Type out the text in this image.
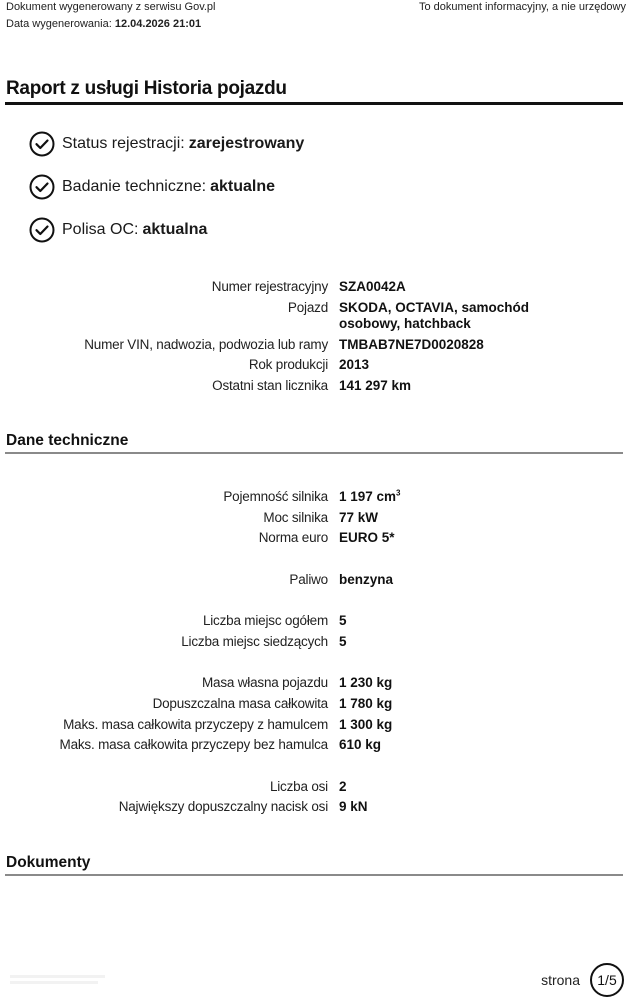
Dokument wygenerowany z serwisu Gov.pl	To dokument informacyjny, a nie urzędowy
Data wygenerowania: 12.04.2026 21:01
Raport z usługi Historia pojazdu
Status rejestracji: zarejestrowany
Badanie techniczne: aktualne
Polisa OC: aktualna
Numer rejestracyjny SZA0042A
Pojazd SKODA, OCTAVIA, samochód osobowy, hatchback
Numer VIN, nadwozia, podwozia lub ramy TMBAB7NE7D0020828
Rok produkcji 2013
Ostatni stan licznika 141 297 km
Dane techniczne
Pojemność silnika 1 197 $cm^3$
Moc silnika 77 kW
Norma euro EURO 5*
Paliwo benzyna
Liczba miejsc ogółem 5
Liczba miejsc siedzących 5
Masa własna pojazdu 1 230 kg
Dopuszczalna masa całkowita 1 780 kg
Maks. masa całkowita przyczepy z hamulcem 1 300 kg
Maks. masa całkowita przyczepy bez hamulca 610 kg
Liczba osi 2
Największy dopuszczalny nacisk osi 9 kN
Dokumenty
strona	1/5
